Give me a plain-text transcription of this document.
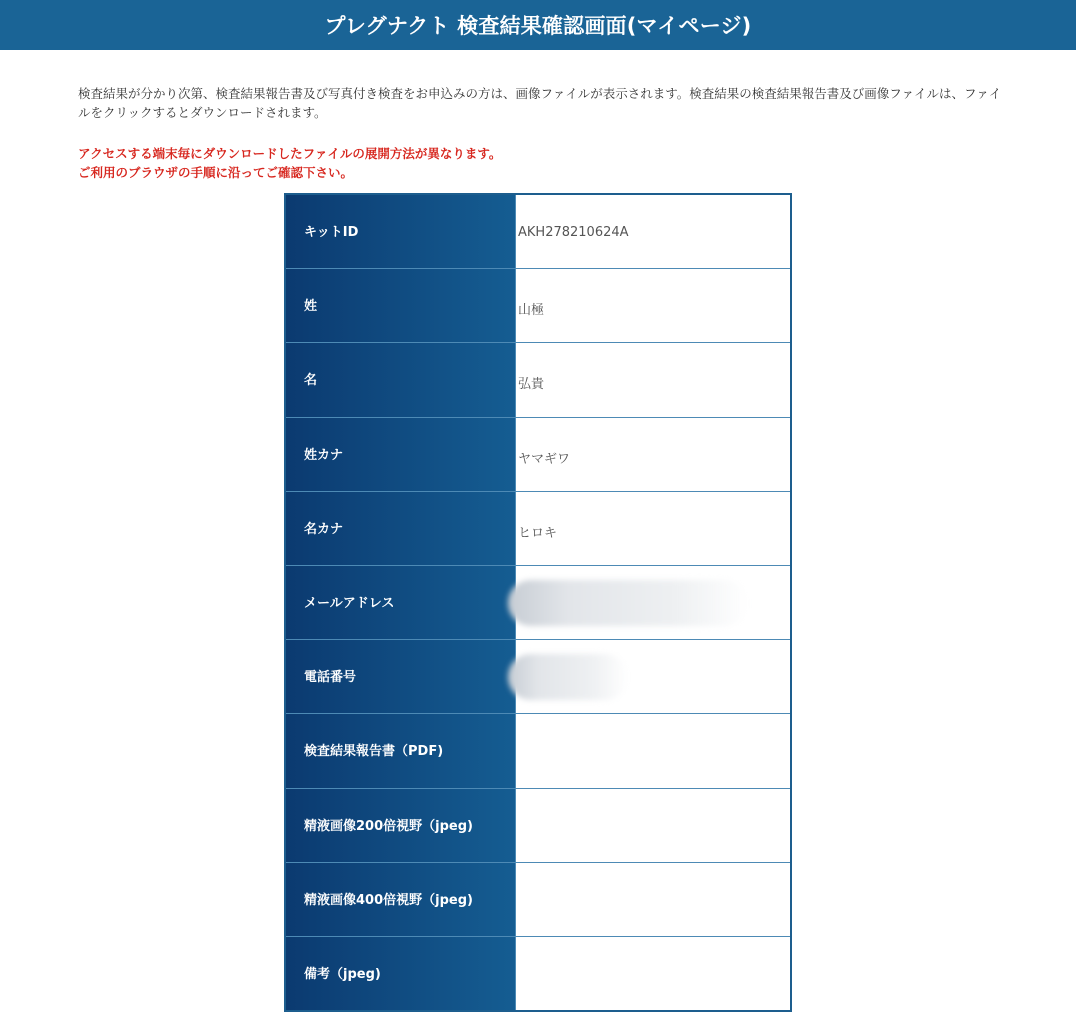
プレグナクト 検査結果確認画面(マイページ)
検査結果が分かり次第、検査結果報告書及び写真付き検査をお申込みの方は、画像ファイルが表示されます。検査結果の検査結果報告書及び画像ファイルは、ファイルをクリックするとダウンロードされます。
アクセスする端末毎にダウンロードしたファイルの展開方法が異なります。
ご利用のブラウザの手順に沿ってご確認下さい。
キットID	AKH278210624A
姓	山極
名	弘貴
姓カナ	ヤマギワ
名カナ	ヒロキ
メールアドレス
電話番号
検査結果報告書（PDF)
精液画像200倍視野（jpeg)
精液画像400倍視野（jpeg)
備考（jpeg)
